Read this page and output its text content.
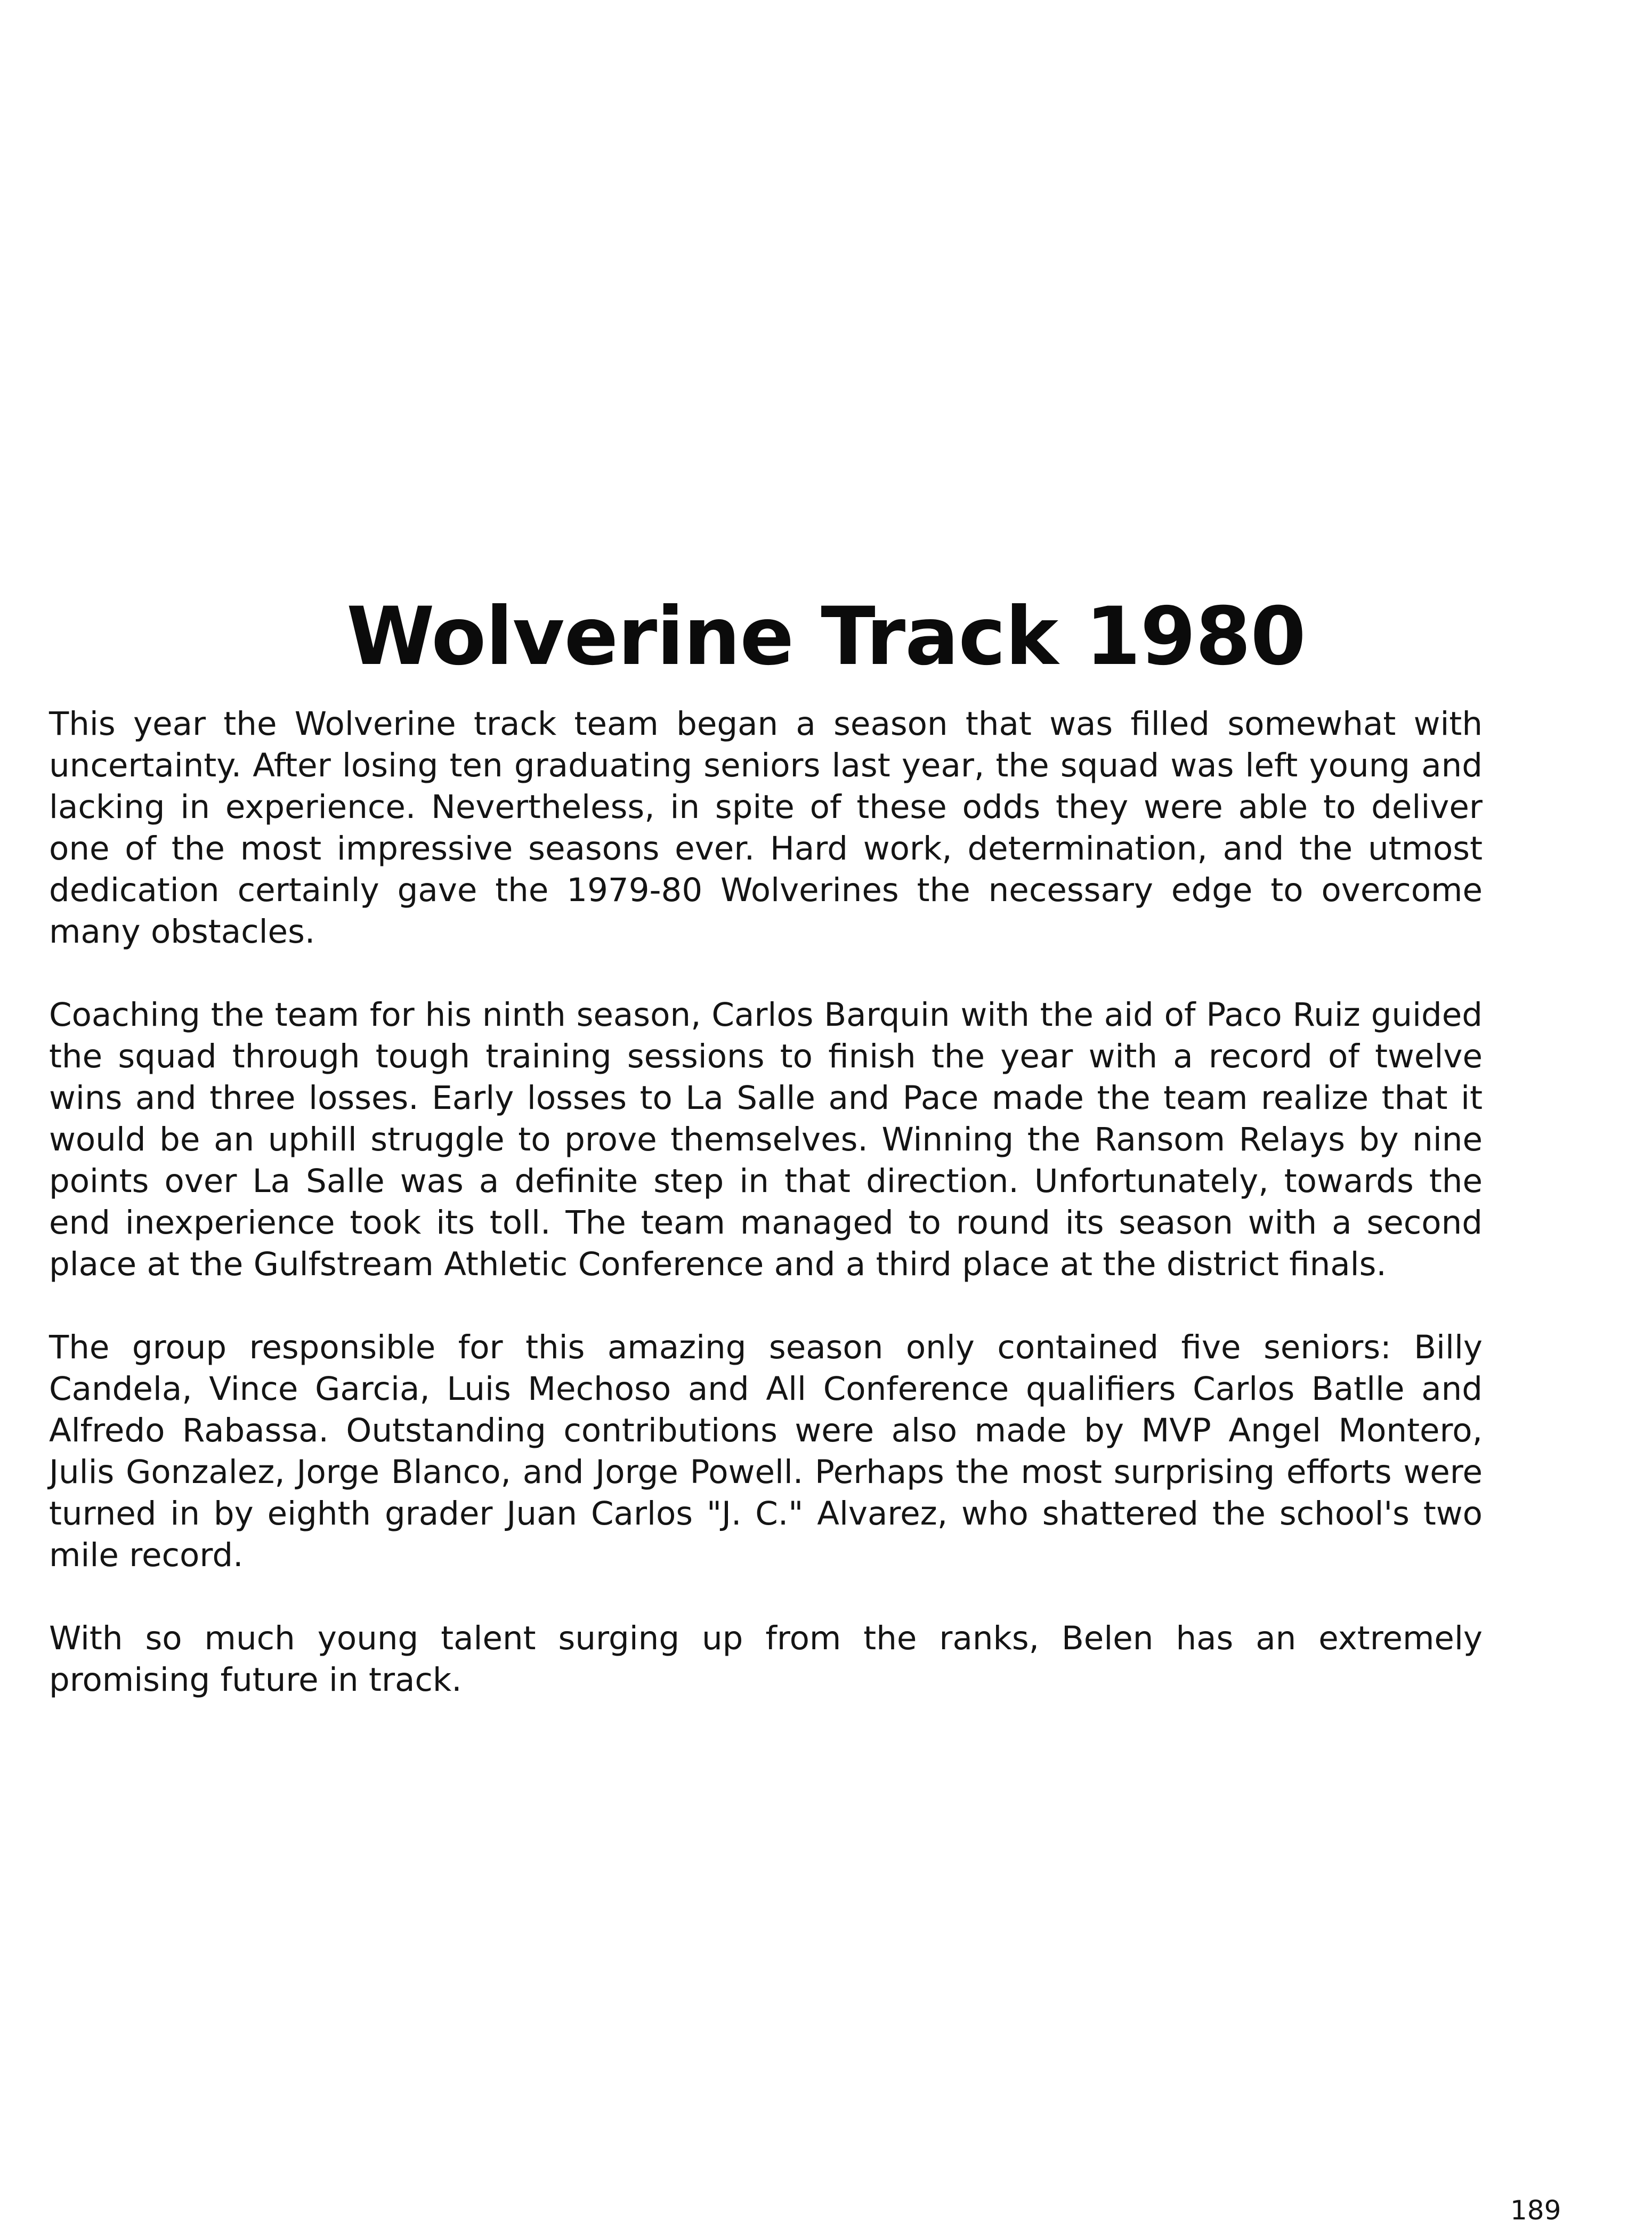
Wolverine Track 1980

This year the Wolverine track team began a season that was filled somewhat with uncertainty. After losing ten graduating seniors last year, the squad was left young and lacking in experience. Nevertheless, in spite of these odds they were able to deliver one of the most impressive seasons ever. Hard work, determination, and the utmost dedication certainly gave the 1979-80 Wolverines the necessary edge to overcome many obstacles.

Coaching the team for his ninth season, Carlos Barquin with the aid of Paco Ruiz guided the squad through tough training sessions to finish the year with a record of twelve wins and three losses. Early losses to La Salle and Pace made the team realize that it would be an uphill struggle to prove themselves. Winning the Ransom Relays by nine points over La Salle was a definite step in that direction. Unfortunately, towards the end inexperience took its toll. The team managed to round its season with a second place at the Gulfstream Athletic Conference and a third place at the district finals.

The group responsible for this amazing season only contained five seniors: Billy Candela, Vince Garcia, Luis Mechoso and All Conference qualifiers Carlos Batlle and Alfredo Rabassa. Outstanding contributions were also made by MVP Angel Montero, Julis Gonzalez, Jorge Blanco, and Jorge Powell. Perhaps the most surprising efforts were turned in by eighth grader Juan Carlos "J. C." Alvarez, who shattered the school's two mile record.

With so much young talent surging up from the ranks, Belen has an extremely promising future in track.

189
